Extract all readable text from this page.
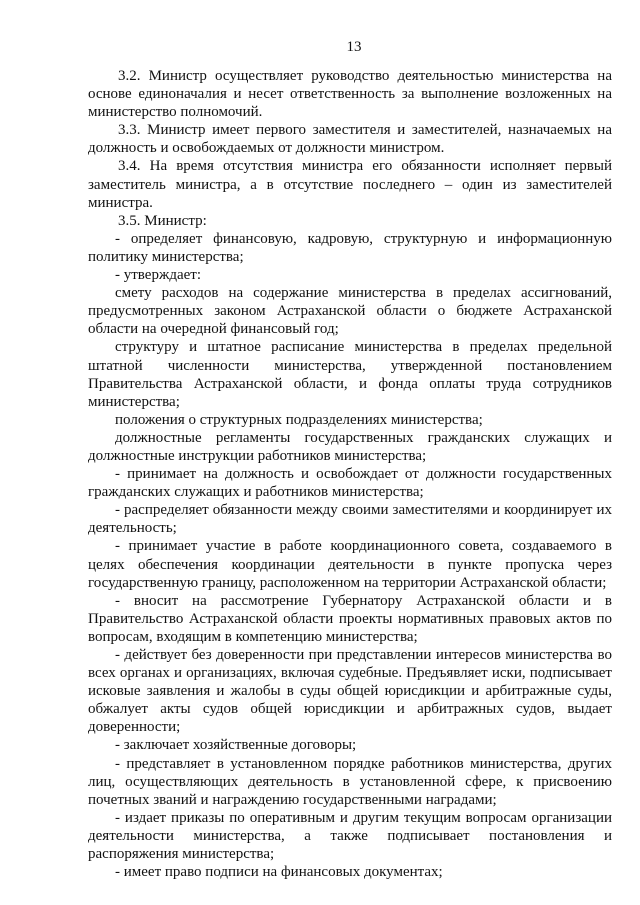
13

3.2. Министр осуществляет руководство деятельностью министерства на основе единоначалия и несет ответственность за выполнение возложенных на министерство полномочий.

3.3. Министр имеет первого заместителя и заместителей, назначаемых на должность и освобождаемых от должности министром.

3.4. На время отсутствия министра его обязанности исполняет первый заместитель министра, а в отсутствие последнего – один из заместителей министра.

3.5. Министр:

- определяет финансовую, кадровую, структурную и информационную политику министерства;

- утверждает:

смету расходов на содержание министерства в пределах ассигнований, предусмотренных законом Астраханской области о бюджете Астраханской области на очередной финансовый год;

структуру и штатное расписание министерства в пределах предельной штатной численности министерства, утвержденной постановлением Правительства Астраханской области, и фонда оплаты труда сотрудников министерства;

положения о структурных подразделениях министерства;

должностные регламенты государственных гражданских служащих и должностные инструкции работников министерства;

- принимает на должность и освобождает от должности государственных гражданских служащих и работников министерства;

- распределяет обязанности между своими заместителями и координирует их деятельность;

- принимает участие в работе координационного совета, создаваемого в целях обеспечения координации деятельности в пункте пропуска через государственную границу, расположенном на территории Астраханской области;

- вносит на рассмотрение Губернатору Астраханской области и в Правительство Астраханской области проекты нормативных правовых актов по вопросам, входящим в компетенцию министерства;

- действует без доверенности при представлении интересов министерства во всех органах и организациях, включая судебные. Предъявляет иски, подписывает исковые заявления и жалобы в суды общей юрисдикции и арбитражные суды, обжалует акты судов общей юрисдикции и арбитражных судов, выдает доверенности;

- заключает хозяйственные договоры;

- представляет в установленном порядке работников министерства, других лиц, осуществляющих деятельность в установленной сфере, к присвоению почетных званий и награждению государственными наградами;

- издает приказы по оперативным и другим текущим вопросам организации деятельности министерства, а также подписывает постановления и распоряжения министерства;

- имеет право подписи на финансовых документах;
